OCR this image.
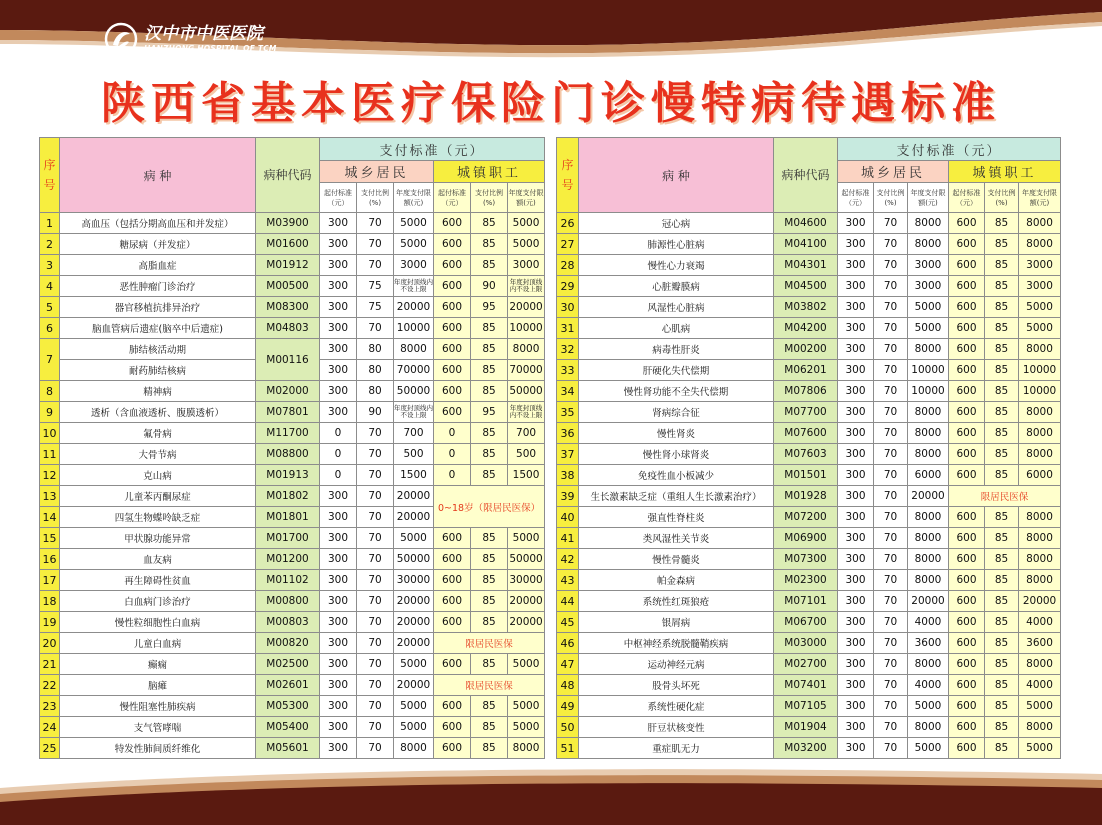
汉中市中医医院
HANZHONG HOSPITAL OF TCM
陕西省基本医疗保险门诊慢特病待遇标准
序号	病 种	病种代码	支付标准（元）					
			城乡居民			城镇职工		
			起付标准（元）	支付比例(%)	年度支付限额(元)	起付标准（元）	支付比例(%)	年度支付限额(元)
1	高血压（包括分期高血压和并发症）	M03900	300	70	5000	600	85	5000
2	糖尿病（并发症）	M01600	300	70	5000	600	85	5000
3	高脂血症	M01912	300	70	3000	600	85	3000
4	恶性肿瘤门诊治疗	M00500	300	75	年度封顶线内不设上限	600	90	年度封顶线内不设上限
5	器官移植抗排异治疗	M08300	300	75	20000	600	95	20000
6	脑血管病后遗症(脑卒中后遗症)	M04803	300	70	10000	600	85	10000
7	肺结核活动期	M00116	300	80	8000	600	85	8000
	耐药肺结核病		300	80	70000	600	85	70000
8	精神病	M02000	300	80	50000	600	85	50000
9	透析（含血液透析、腹膜透析）	M07801	300	90	年度封顶线内不设上限	600	95	年度封顶线内不设上限
10	氟骨病	M11700	0	70	700	0	85	700
11	大骨节病	M08800	0	70	500	0	85	500
12	克山病	M01913	0	70	1500	0	85	1500
13	儿童苯丙酮尿症	M01802	300	70	20000	0~18岁（限居民医保）		
14	四氢生物蝶呤缺乏症	M01801	300	70	20000			
15	甲状腺功能异常	M01700	300	70	5000	600	85	5000
16	血友病	M01200	300	70	50000	600	85	50000
17	再生障碍性贫血	M01102	300	70	30000	600	85	30000
18	白血病门诊治疗	M00800	300	70	20000	600	85	20000
19	慢性粒细胞性白血病	M00803	300	70	20000	600	85	20000
20	儿童白血病	M00820	300	70	20000	限居民医保		
21	癫痫	M02500	300	70	5000	600	85	5000
22	脑瘫	M02601	300	70	20000	限居民医保		
23	慢性阻塞性肺疾病	M05300	300	70	5000	600	85	5000
24	支气管哮喘	M05400	300	70	5000	600	85	5000
25	特发性肺间质纤维化	M05601	300	70	8000	600	85	8000
序号	病 种	病种代码	支付标准（元）					
			城乡居民			城镇职工		
			起付标准（元）	支付比例(%)	年度支付限额(元)	起付标准（元）	支付比例(%)	年度支付限额(元)
26	冠心病	M04600	300	70	8000	600	85	8000
27	肺源性心脏病	M04100	300	70	8000	600	85	8000
28	慢性心力衰竭	M04301	300	70	3000	600	85	3000
29	心脏瓣膜病	M04500	300	70	3000	600	85	3000
30	风湿性心脏病	M03802	300	70	5000	600	85	5000
31	心肌病	M04200	300	70	5000	600	85	5000
32	病毒性肝炎	M00200	300	70	8000	600	85	8000
33	肝硬化失代偿期	M06201	300	70	10000	600	85	10000
34	慢性肾功能不全失代偿期	M07806	300	70	10000	600	85	10000
35	肾病综合征	M07700	300	70	8000	600	85	8000
36	慢性肾炎	M07600	300	70	8000	600	85	8000
37	慢性肾小球肾炎	M07603	300	70	8000	600	85	8000
38	免疫性血小板减少	M01501	300	70	6000	600	85	6000
39	生长激素缺乏症（重组人生长激素治疗）	M01928	300	70	20000	限居民医保		
40	强直性脊柱炎	M07200	300	70	8000	600	85	8000
41	类风湿性关节炎	M06900	300	70	8000	600	85	8000
42	慢性骨髓炎	M07300	300	70	8000	600	85	8000
43	帕金森病	M02300	300	70	8000	600	85	8000
44	系统性红斑狼疮	M07101	300	70	20000	600	85	20000
45	银屑病	M06700	300	70	4000	600	85	4000
46	中枢神经系统脱髓鞘疾病	M03000	300	70	3600	600	85	3600
47	运动神经元病	M02700	300	70	8000	600	85	8000
48	股骨头坏死	M07401	300	70	4000	600	85	4000
49	系统性硬化症	M07105	300	70	5000	600	85	5000
50	肝豆状核变性	M01904	300	70	8000	600	85	8000
51	重症肌无力	M03200	300	70	5000	600	85	5000
